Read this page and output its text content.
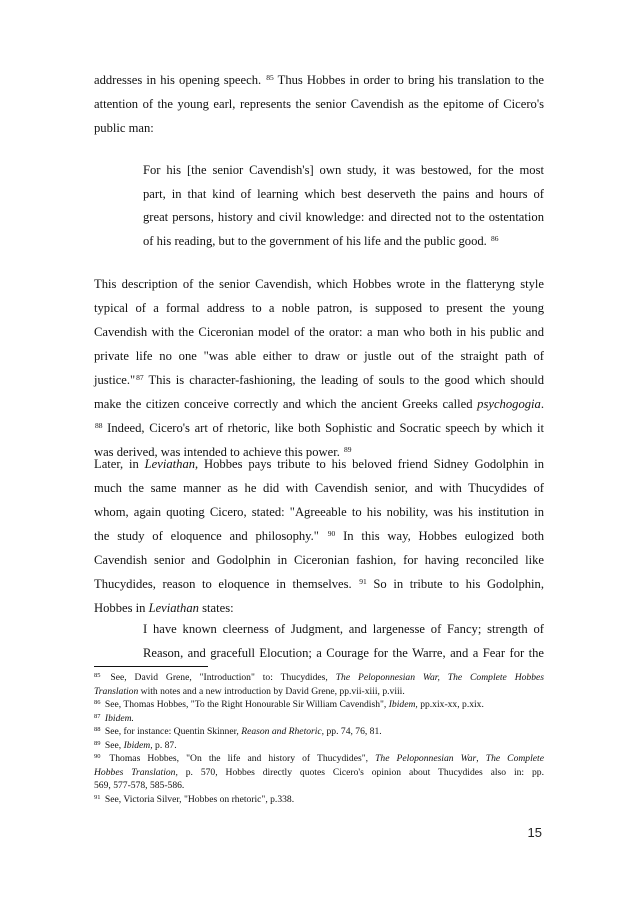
addresses in his opening speech. $^{85}$ Thus Hobbes in order to bring his translation to the
attention of the young earl, represents the senior Cavendish as the epitome of Cicero's
public man:
For his [the senior Cavendish's] own study, it was bestowed, for the most
part, in that kind of learning which best deserveth the pains and hours of
great persons, history and civil knowledge: and directed not to the ostentation
of his reading, but to the government of his life and the public good. $^{86}$
This description of the senior Cavendish, which Hobbes wrote in the flatteryng style
typical of a formal address to a noble patron, is supposed to present the young
Cavendish with the Ciceronian model of the orator: a man who both in his public and
private life no one "was able either to draw or justle out of the straight path of
justice."$^{87}$ This is character-fashioning, the leading of souls to the good which should
make the citizen conceive correctly and which the ancient Greeks called psychogogia.
$^{88}$ Indeed, Cicero's art of rhetoric, like both Sophistic and Socratic speech by which it
was derived, was intended to achieve this power. $^{89}$
Later, in Leviathan, Hobbes pays tribute to his beloved friend Sidney Godolphin in
much the same manner as he did with Cavendish senior, and with Thucydides of
whom, again quoting Cicero, stated: "Agreeable to his nobility, was his institution in
the study of eloquence and philosophy." $^{90}$ In this way, Hobbes eulogized both
Cavendish senior and Godolphin in Ciceronian fashion, for having reconciled like
Thucydides, reason to eloquence in themselves. $^{91}$ So in tribute to his Godolphin,
Hobbes in Leviathan states:
I have known cleerness of Judgment, and largenesse of Fancy; strength of
Reason, and gracefull Elocution; a Courage for the Warre, and a Fear for the
$^{85}$ See, David Grene, "Introduction" to: Thucydides, The Peloponnesian War, The Complete Hobbes
Translation with notes and a new introduction by David Grene, pp.vii-xiii, p.viii.
$^{86}$ See, Thomas Hobbes, "To the Right Honourable Sir William Cavendish", Ibidem, pp.xix-xx, p.xix.
$^{87}$ Ibidem.
$^{88}$ See, for instance: Quentin Skinner, Reason and Rhetoric, pp. 74, 76, 81.
$^{89}$ See, Ibidem, p. 87.
$^{90}$ Thomas Hobbes, "On the life and history of Thucydides", The Peloponnesian War, The Complete
Hobbes Translation, p. 570, Hobbes directly quotes Cicero's opinion about Thucydides also in: pp.
569, 577-578, 585-586.
$^{91}$ See, Victoria Silver, "Hobbes on rhetoric", p.338.
15
